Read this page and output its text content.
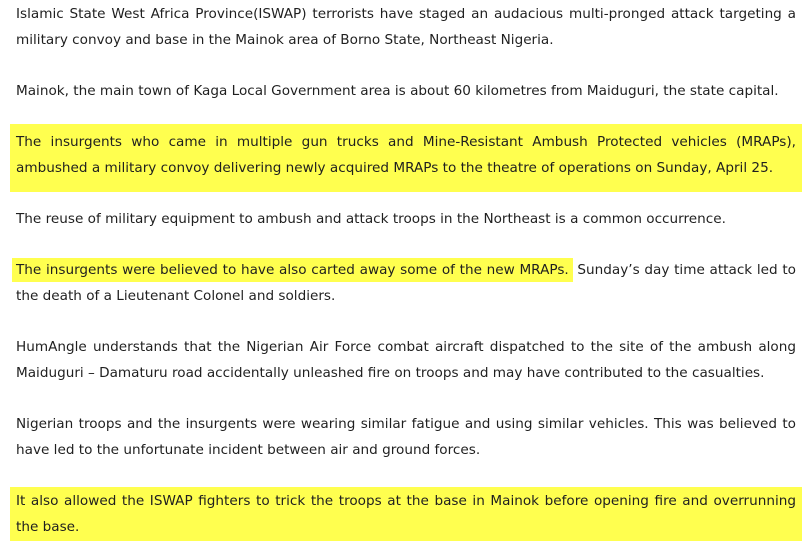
Islamic State West Africa Province(ISWAP) terrorists have staged an audacious multi-pronged attack targeting a military convoy and base in the Mainok area of Borno State, Northeast Nigeria.

Mainok, the main town of Kaga Local Government area is about 60 kilometres from Maiduguri, the state capital.

The insurgents who came in multiple gun trucks and Mine-Resistant Ambush Protected vehicles (MRAPs), ambushed a military convoy delivering newly acquired MRAPs to the theatre of operations on Sunday, April 25.

The reuse of military equipment to ambush and attack troops in the Northeast is a common occurrence.

The insurgents were believed to have also carted away some of the new MRAPs. Sunday’s day time attack led to the death of a Lieutenant Colonel and soldiers.

HumAngle understands that the Nigerian Air Force combat aircraft dispatched to the site of the ambush along Maiduguri – Damaturu road accidentally unleashed fire on troops and may have contributed to the casualties.

Nigerian troops and the insurgents were wearing similar fatigue and using similar vehicles. This was believed to have led to the unfortunate incident between air and ground forces.

It also allowed the ISWAP fighters to trick the troops at the base in Mainok before opening fire and overrunning the base.
